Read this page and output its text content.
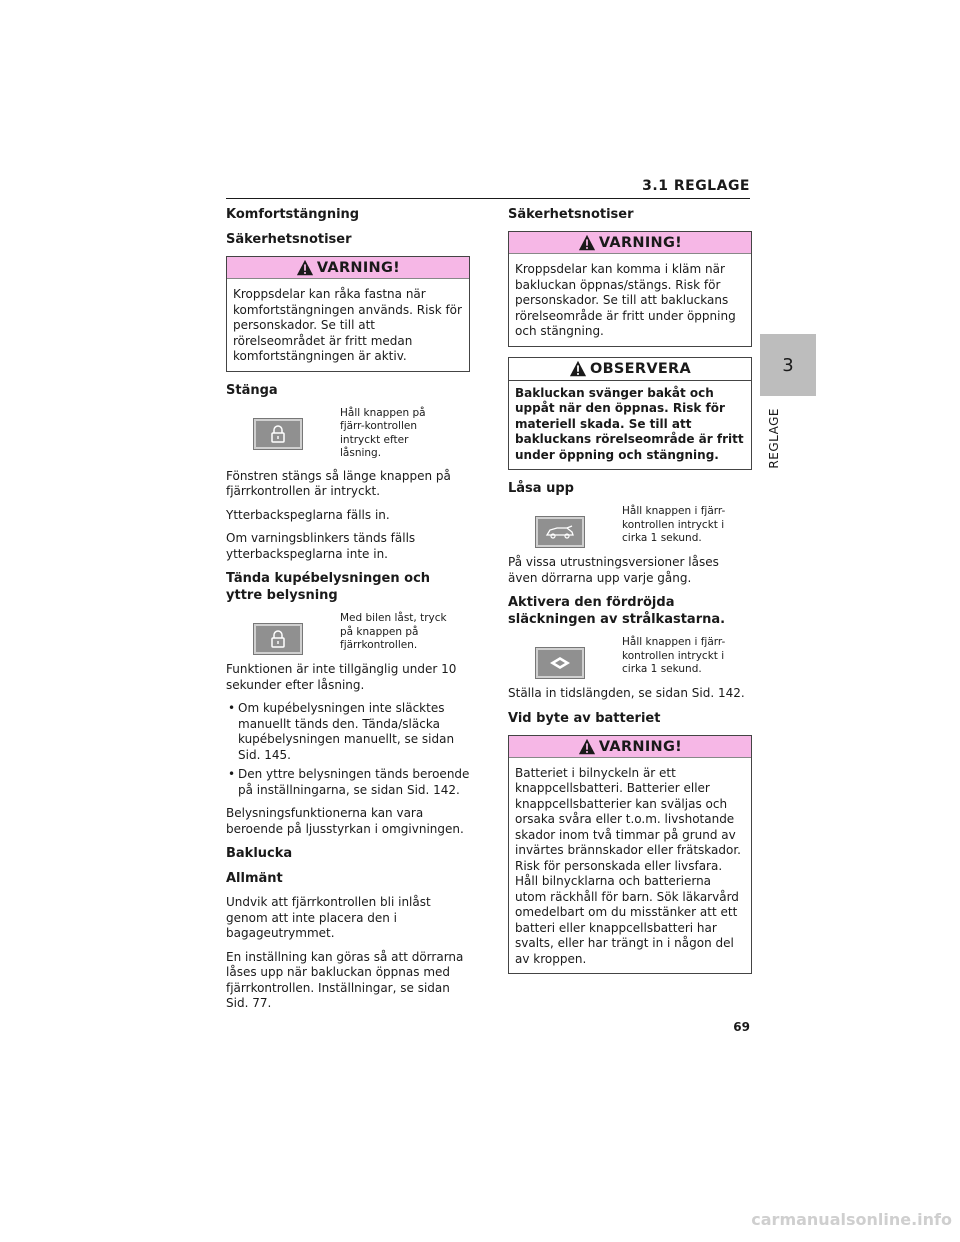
3.1 REGLAGE
3
REGLAGE
Komfortstängning
Säkerhetsnotiser
VARNING!
Kroppsdelar kan råka fastna när komfortstängningen används. Risk för personskador. Se till att rörelseområdet är fritt medan komfortstängningen är aktiv.
Stänga
Håll knappen på fjärr-kontrollen intryckt efter låsning.

Fönstren stängs så länge knappen på fjärrkontrollen är intryckt.

Ytterbackspeglarna fälls in.

Om varningsblinkers tänds fälls ytterbackspeglarna inte in.

Tända kupébelysningen och yttre belysning
Med bilen låst, tryck på knappen på fjärrkontrollen.

Funktionen är inte tillgänglig under 10 sekunder efter låsning.

• Om kupébelysningen inte släcktes manuellt tänds den. Tända/släcka kupébelysningen manuellt, se sidan Sid. 145.
• Den yttre belysningen tänds beroende på inställningarna, se sidan Sid. 142.

Belysningsfunktionerna kan vara beroende på ljusstyrkan i omgivningen.

Baklucka
Allmänt

Undvik att fjärrkontrollen bli inlåst genom att inte placera den i bagageutrymmet.

En inställning kan göras så att dörrarna låses upp när bakluckan öppnas med fjärrkontrollen. Inställningar, se sidan Sid. 77.

Säkerhetsnotiser
VARNING!
Kroppsdelar kan komma i kläm när bakluckan öppnas/stängs. Risk för personskador. Se till att bakluckans rörelseområde är fritt under öppning och stängning.
OBSERVERA
Bakluckan svänger bakåt och uppåt när den öppnas. Risk för materiell skada. Se till att bakluckans rörelseområde är fritt under öppning och stängning.
Låsa upp
Håll knappen i fjärr-kontrollen intryckt i cirka 1 sekund.

På vissa utrustningsversioner låses även dörrarna upp varje gång.

Aktivera den fördröjda släckningen av strålkastarna.
Håll knappen i fjärr-kontrollen intryckt i cirka 1 sekund.

Ställa in tidslängden, se sidan Sid. 142.

Vid byte av batteriet
VARNING!
Batteriet i bilnyckeln är ett knappcellsbatteri. Batterier eller knappcellsbatterier kan sväljas och orsaka svåra eller t.o.m. livshotande skador inom två timmar på grund av invärtes brännskador eller frätskador. Risk för personskada eller livsfara. Håll bilnycklarna och batterierna utom räckhåll för barn. Sök läkarvård omedelbart om du misstänker att ett batteri eller knappcellsbatteri har svalts, eller har trängt in i någon del av kroppen.
69
carmanualsonline.info
